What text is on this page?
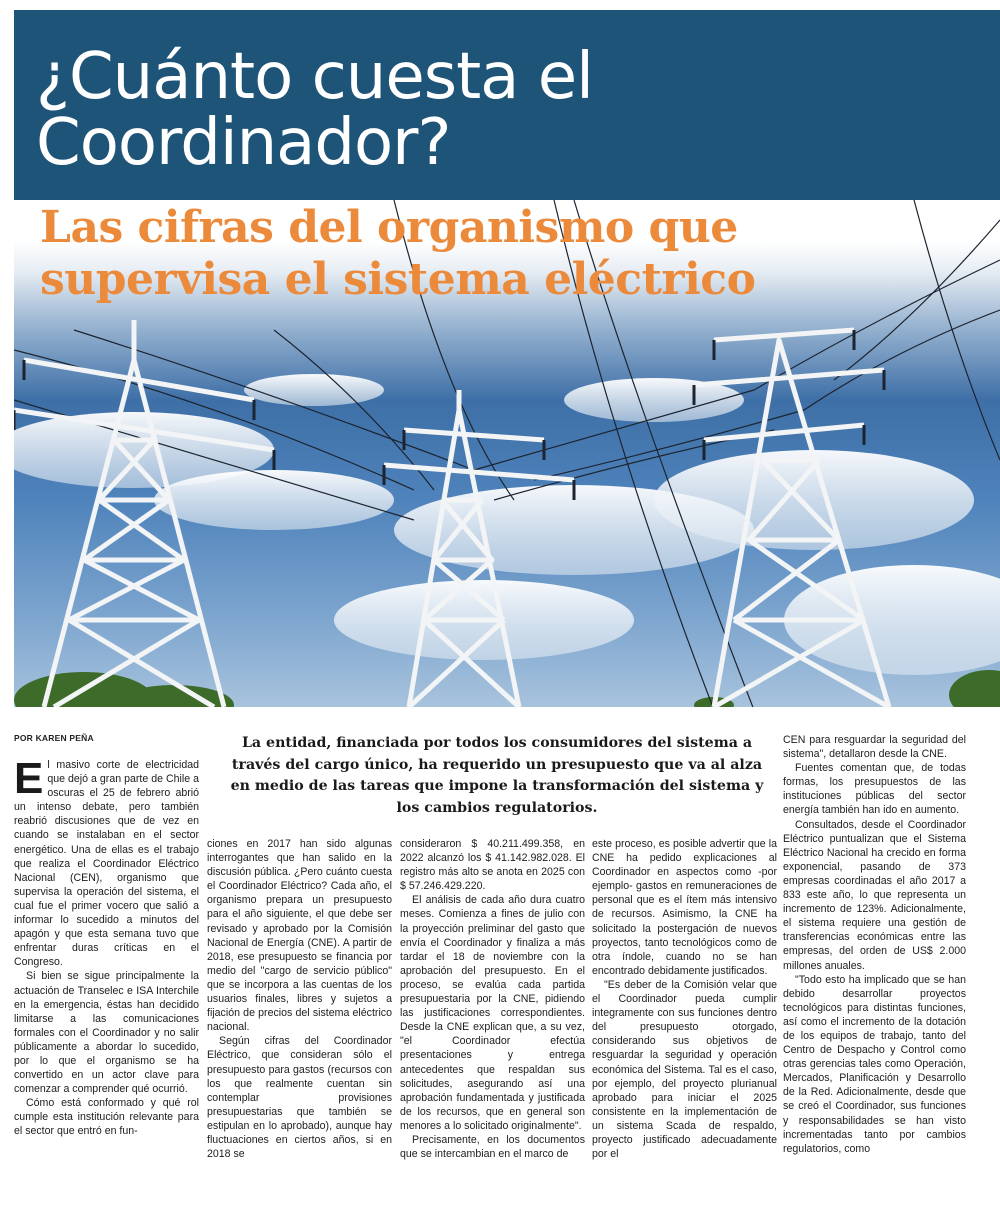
¿Cuánto cuesta el Coordinador?
Las cifras del organismo que supervisa el sistema eléctrico
POR KAREN PEÑA	La entidad, financiada por todos los consumidores del sistema a través del cargo único, ha requerido un presupuesto que va al alza en medio de las tareas que impone la transformación del sistema y los cambios regulatorios.

El masivo corte de electricidad que dejó a gran parte de Chile a oscuras el 25 de febrero abrió un intenso debate, pero también reabrió discusiones que de vez en cuando se instalaban en el sector energético. Una de ellas es el trabajo que realiza el Coordinador Eléctrico Nacional (CEN), organismo que supervisa la operación del sistema, el cual fue el primer vocero que salió a informar lo sucedido a minutos del apagón y que esta semana tuvo que enfrentar duras críticas en el Congreso.

Si bien se sigue principalmente la actuación de Transelec e ISA Interchile en la emergencia, éstas han decidido limitarse a las comunicaciones formales con el Coordinador y no salir públicamente a abordar lo sucedido, por lo que el organismo se ha convertido en un actor clave para comenzar a comprender qué ocurrió.

Cómo está conformado y qué rol cumple esta institución relevante para el sector que entró en fun-

ciones en 2017 han sido algunas interrogantes que han salido en la discusión pública. ¿Pero cuánto cuesta el Coordinador Eléctrico? Cada año, el organismo prepara un presupuesto para el año siguiente, el que debe ser revisado y aprobado por la Comisión Nacional de Energía (CNE). A partir de 2018, ese presupuesto se financia por medio del "cargo de servicio público" que se incorpora a las cuentas de los usuarios finales, libres y sujetos a fijación de precios del sistema eléctrico nacional.

Según cifras del Coordinador Eléctrico, que consideran sólo el presupuesto para gastos (recursos con los que realmente cuentan sin contemplar provisiones presupuestarias que también se estipulan en lo aprobado), aunque hay fluctuaciones en ciertos años, si en 2018 se

consideraron $ 40.211.499.358, en 2022 alcanzó los $ 41.142.982.028. El registro más alto se anota en 2025 con $ 57.246.429.220.

El análisis de cada año dura cuatro meses. Comienza a fines de julio con la proyección preliminar del gasto que envía el Coordinador y finaliza a más tardar el 18 de noviembre con la aprobación del presupuesto. En el proceso, se evalúa cada partida presupuestaria por la CNE, pidiendo las justificaciones correspondientes. Desde la CNE explican que, a su vez, "el Coordinador efectúa presentaciones y entrega antecedentes que respaldan sus solicitudes, asegurando así una aprobación fundamentada y justificada de los recursos, que en general son menores a lo solicitado originalmente".

Precisamente, en los documentos que se intercambian en el marco de

este proceso, es posible advertir que la CNE ha pedido explicaciones al Coordinador en aspectos como -por ejemplo- gastos en remuneraciones de personal que es el ítem más intensivo de recursos. Asimismo, la CNE ha solicitado la postergación de nuevos proyectos, tanto tecnológicos como de otra índole, cuando no se han encontrado debidamente justificados.

"Es deber de la Comisión velar que el Coordinador pueda cumplir integramente con sus funciones dentro del presupuesto otorgado, considerando sus objetivos de resguardar la seguridad y operación económica del Sistema. Tal es el caso, por ejemplo, del proyecto plurianual aprobado para iniciar el 2025 consistente en la implementación de un sistema Scada de respaldo, proyecto justificado adecuadamente por el

CEN para resguardar la seguridad del sistema", detallaron desde la CNE.

Fuentes comentan que, de todas formas, los presupuestos de las instituciones públicas del sector energía también han ido en aumento.

Consultados, desde el Coordinador Eléctrico puntualizan que el Sistema Eléctrico Nacional ha crecido en forma exponencial, pasando de 373 empresas coordinadas el año 2017 a 833 este año, lo que representa un incremento de 123%. Adicionalmente, el sistema requiere una gestión de transferencias económicas entre las empresas, del orden de US$ 2.000 millones anuales.

"Todo esto ha implicado que se han debido desarrollar proyectos tecnológicos para distintas funciones, así como el incremento de la dotación de los equipos de trabajo, tanto del Centro de Despacho y Control como otras gerencias tales como Operación, Mercados, Planificación y Desarrollo de la Red. Adicionalmente, desde que se creó el Coordinador, sus funciones y responsabilidades se han visto incrementadas tanto por cambios regulatorios, como
